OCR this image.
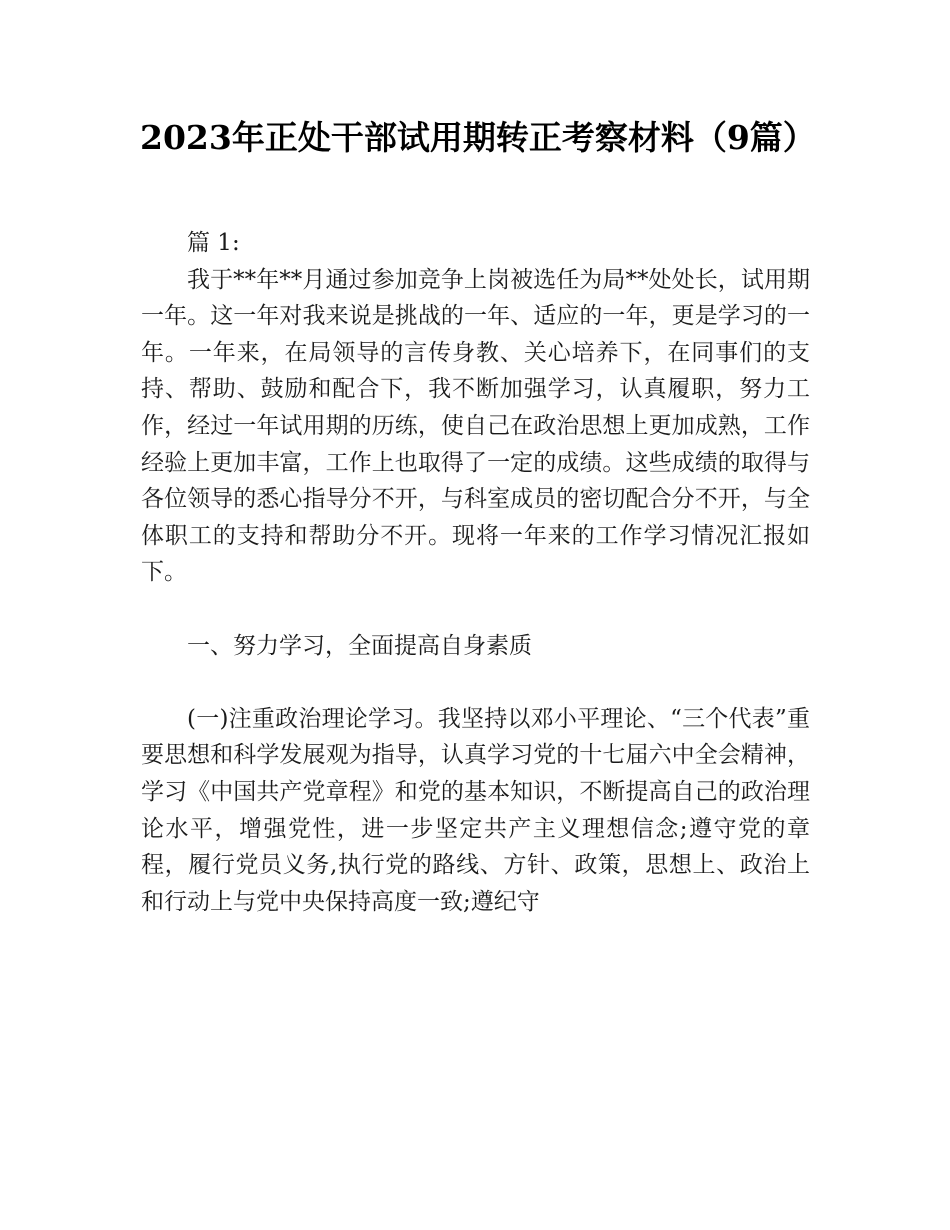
2023年正处干部试用期转正考察材料（9篇）

篇 1:

我于**年**月通过参加竞争上岗被选任为局**处处长，试用期一年。这一年对我来说是挑战的一年、适应的一年，更是学习的一年。一年来，在局领导的言传身教、关心培养下，在同事们的支持、帮助、鼓励和配合下，我不断加强学习，认真履职，努力工作，经过一年试用期的历练，使自己在政治思想上更加成熟，工作经验上更加丰富，工作上也取得了一定的成绩。这些成绩的取得与各位领导的悉心指导分不开，与科室成员的密切配合分不开，与全体职工的支持和帮助分不开。现将一年来的工作学习情况汇报如下。

一、努力学习，全面提高自身素质

(一)注重政治理论学习。我坚持以邓小平理论、“三个代表”重要思想和科学发展观为指导，认真学习党的十七届六中全会精神，学习《中国共产党章程》和党的基本知识，不断提高自己的政治理论水平，增强党性，进一步坚定共产主义理想信念;遵守党的章程，履行党员义务,执行党的路线、方针、政策，思想上、政治上和行动上与党中央保持高度一致;遵纪守
